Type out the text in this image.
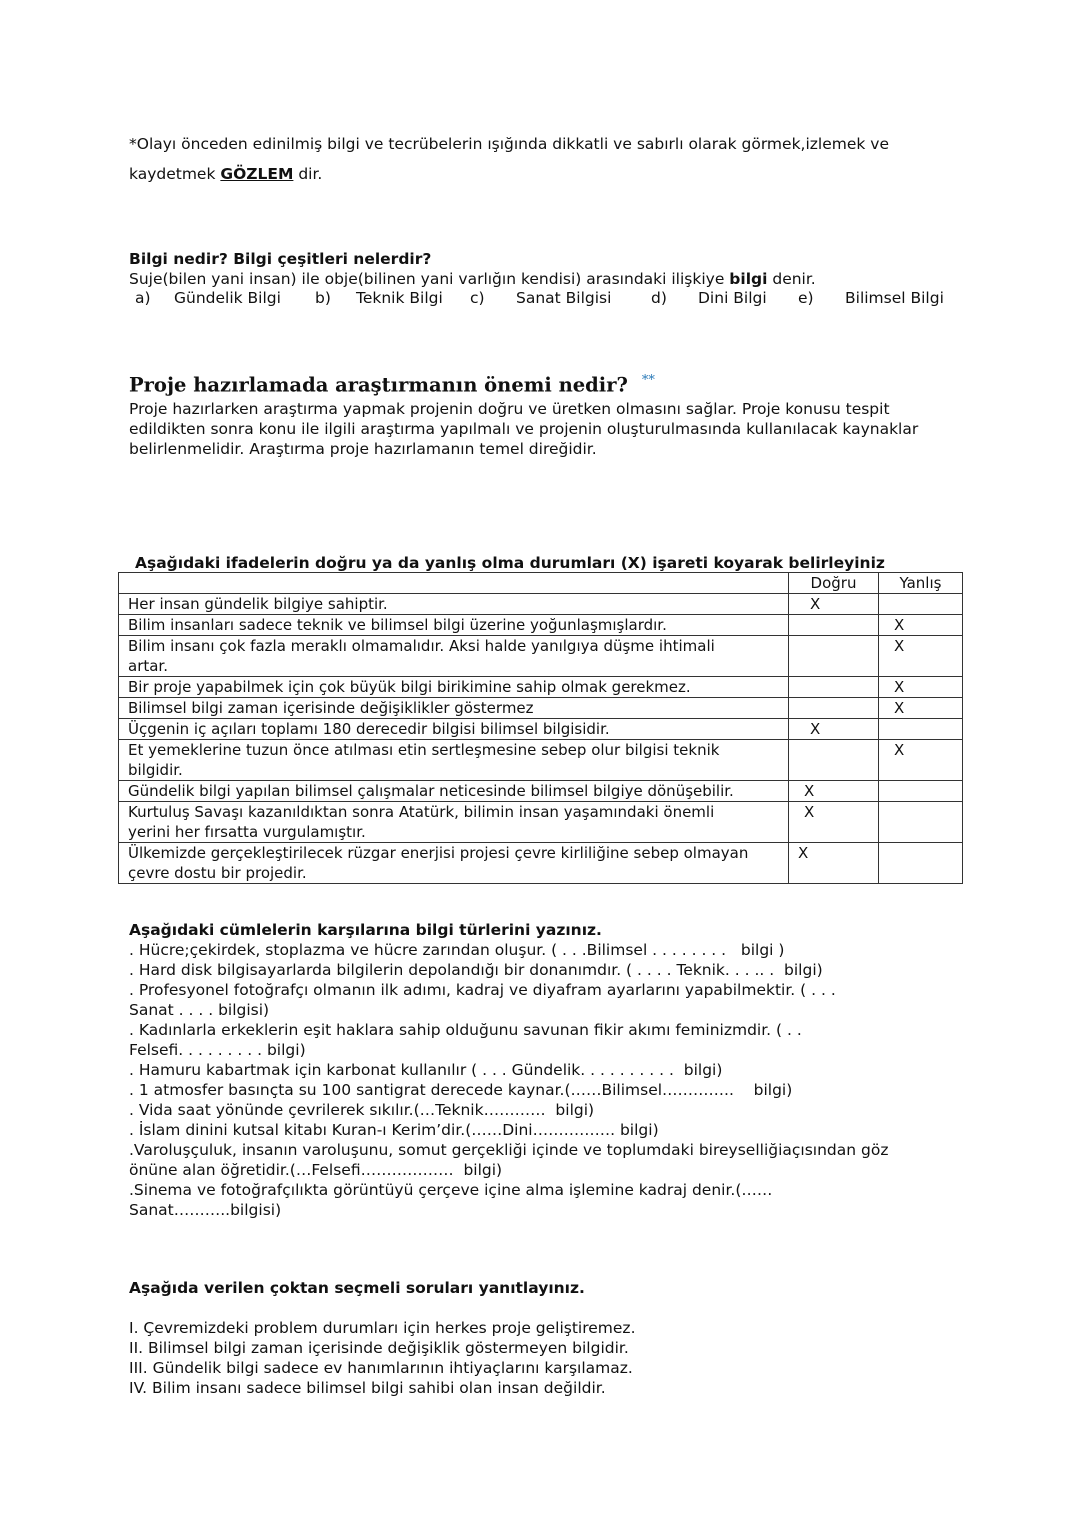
*Olayı önceden edinilmiş bilgi ve tecrübelerin ışığında dikkatli ve sabırlı olarak görmek,izlemek ve
kaydetmek GÖZLEM dir.
Bilgi nedir? Bilgi çeşitleri nelerdir?
Suje(bilen yani insan) ile obje(bilinen yani varlığın kendisi) arasındaki ilişkiye bilgi denir.
a) Gündelik Bilgi b) Teknik Bilgi c) Sanat Bilgisi	d) Dini Bilgi e) Bilimsel Bilgi
Proje hazırlamada araştırmanın önemi nedir? **
Proje hazırlarken araştırma yapmak projenin doğru ve üretken olmasını sağlar. Proje konusu tespit edildikten sonra konu ile ilgili araştırma yapılmalı ve projenin oluşturulmasında kullanılacak kaynaklar belirlenmelidir. Araştırma proje hazırlamanın temel direğidir.
Aşağıdaki ifadelerin doğru ya da yanlış olma durumları (X) işareti koyarak belirleyiniz
	Doğru	Yanlış
Her insan gündelik bilgiye sahiptir.	X	
Bilim insanları sadece teknik ve bilimsel bilgi üzerine yoğunlaşmışlardır.		X
Bilim insanı çok fazla meraklı olmamalıdır. Aksi halde yanılgıya düşme ihtimali artar.		X
Bir proje yapabilmek için çok büyük bilgi birikimine sahip olmak gerekmez.		X
Bilimsel bilgi zaman içerisinde değişiklikler göstermez		X
Üçgenin iç açıları toplamı 180 derecedir bilgisi bilimsel bilgisidir.	X	
Et yemeklerine tuzun önce atılması etin sertleşmesine sebep olur bilgisi teknik bilgidir.		X
Gündelik bilgi yapılan bilimsel çalışmalar neticesinde bilimsel bilgiye dönüşebilir.	X	
Kurtuluş Savaşı kazanıldıktan sonra Atatürk, bilimin insan yaşamındaki önemli yerini her fırsatta vurgulamıştır.	X	
Ülkemizde gerçekleştirilecek rüzgar enerjisi projesi çevre kirliliğine sebep olmayan çevre dostu bir projedir.	X	
Aşağıdaki cümlelerin karşılarına bilgi türlerini yazınız.
. Hücre;çekirdek, stoplazma ve hücre zarından oluşur. ( . . .Bilimsel . . . . . . . .   bilgi )
. Hard disk bilgisayarlarda bilgilerin depolandığı bir donanımdır. ( . . . . Teknik. . . .. .  bilgi)
. Profesyonel fotoğrafçı olmanın ilk adımı, kadraj ve diyafram ayarlarını yapabilmektir. ( . . .
Sanat . . . . bilgisi)
. Kadınlarla erkeklerin eşit haklara sahip olduğunu savunan fikir akımı feminizmdir. ( . .
Felsefi. . . . . . . . . bilgi)
. Hamuru kabartmak için karbonat kullanılır ( . . . Gündelik. . . . . . . . . .  bilgi)
. 1 atmosfer basınçta su 100 santigrat derecede kaynar.(……Bilimsel…………..    bilgi)
. Vida saat yönünde çevrilerek sıkılır.(…Teknik…………  bilgi)
. İslam dinini kutsal kitabı Kuran-ı Kerim’dir.(……Dini……………. bilgi)
.Varoluşçuluk, insanın varoluşunu, somut gerçekliği içinde ve toplumdaki bireyselliğiaçısından göz
önüne alan öğretidir.(…Felsefi………………  bilgi)
.Sinema ve fotoğrafçılıkta görüntüyü çerçeve içine alma işlemine kadraj denir.(……
Sanat………..bilgisi)
Aşağıda verilen çoktan seçmeli soruları yanıtlayınız.
I. Çevremizdeki problem durumları için herkes proje geliştiremez.
II. Bilimsel bilgi zaman içerisinde değişiklik göstermeyen bilgidir.
III. Gündelik bilgi sadece ev hanımlarının ihtiyaçlarını karşılamaz.
IV. Bilim insanı sadece bilimsel bilgi sahibi olan insan değildir.
